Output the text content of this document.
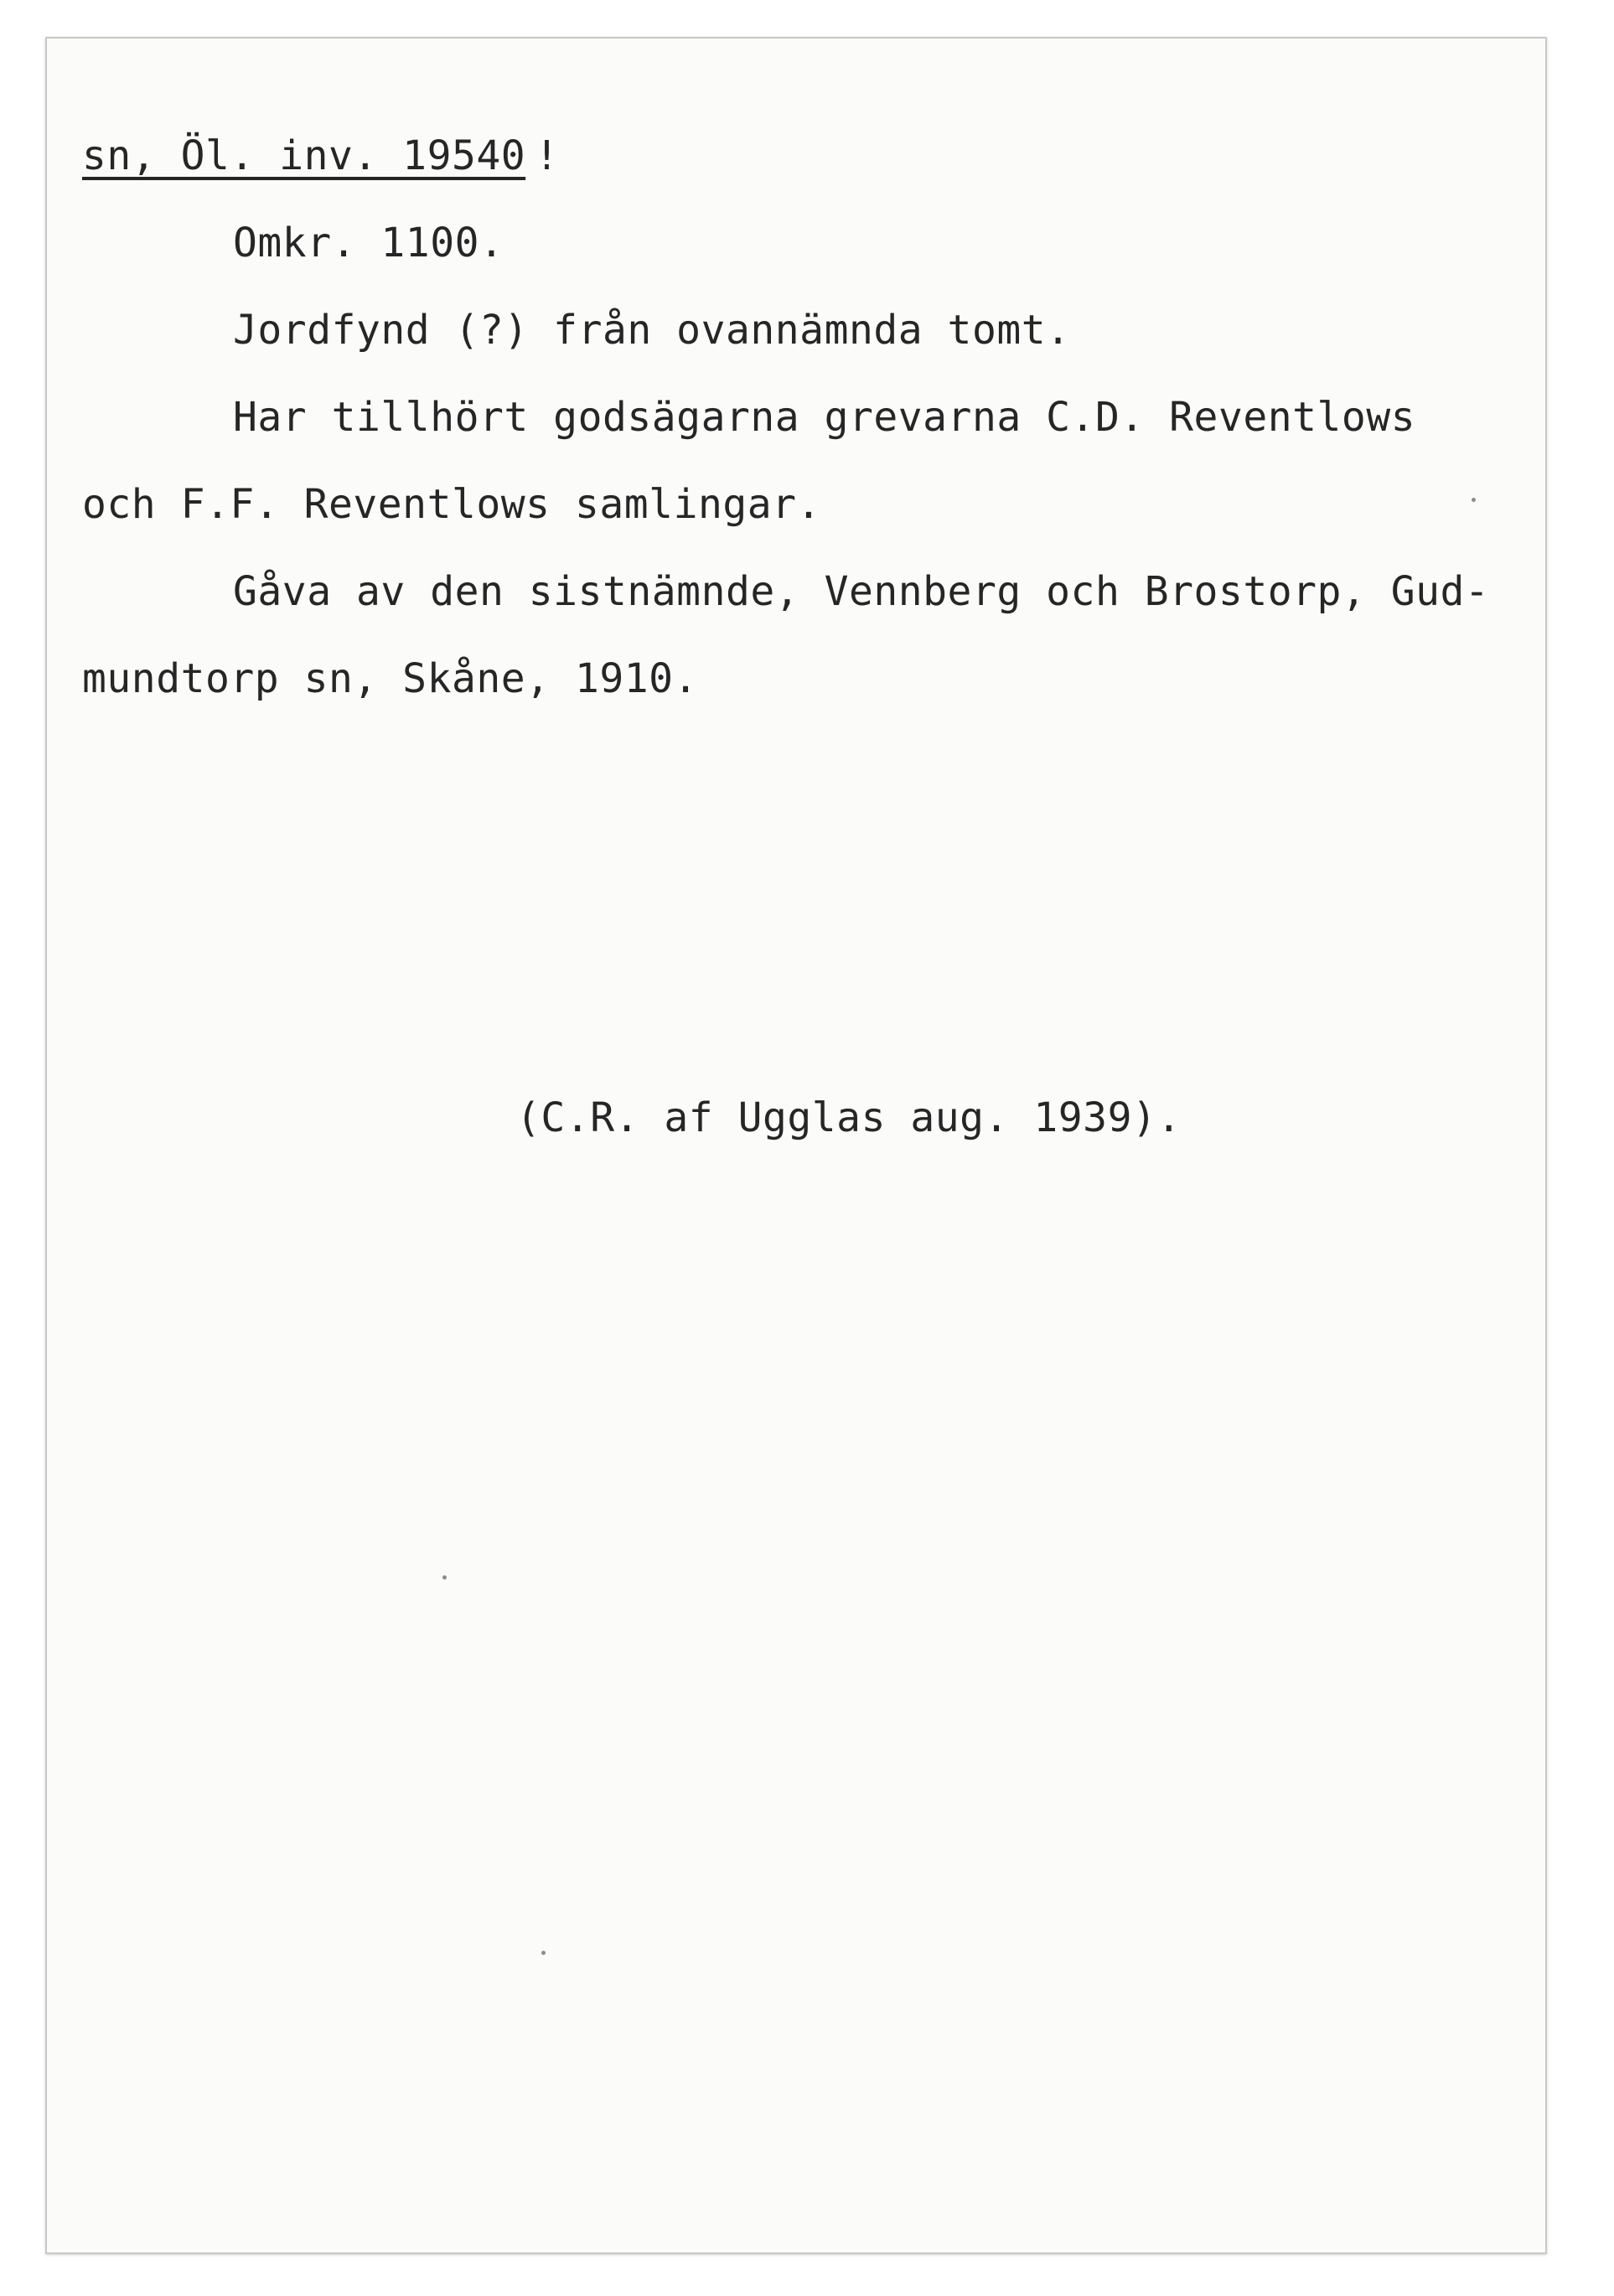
sn, Öl. inv. 19540 !

Omkr. 1100.

Jordfynd (?) från ovannämnda tomt.

Har tillhört godsägarna grevarna C.D. Reventlows

och F.F. Reventlows samlingar.

Gåva av den sistnämnde, Vennberg och Brostorp, Gud-

mundtorp sn, Skåne, 1910.

(C.R. af Ugglas aug. 1939).
